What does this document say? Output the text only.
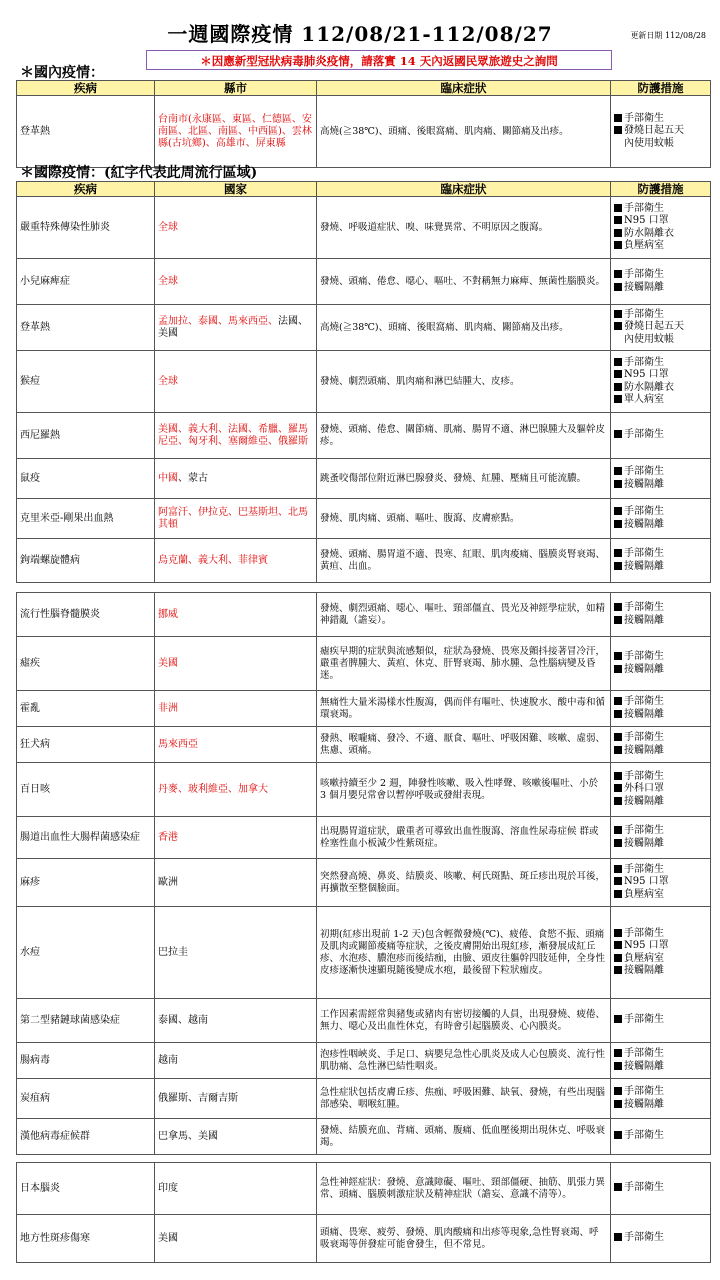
一週國際疫情 112/08/21-112/08/27	更新日期 112/08/28
＊因應新型冠狀病毒肺炎疫情，請落實 14 天內返國民眾旅遊史之詢問
＊國內疫情：
疾病	縣市	臨床症狀	防護措施
登革熱	台南市(永康區、東區、仁德區、安南區、北區、南區、中西區)、雲林縣(古坑鄉)、高雄市、屏東縣	高燒(≧38℃)、頭痛、後眼窩痛、肌肉痛、關節痛及出疹。	手部衛生
發燒日起五天
內使用蚊帳
＊國際疫情：(紅字代表此周流行區域)
疾病	國家	臨床症狀	防護措施
嚴重特殊傳染性肺炎	全球	發燒、呼吸道症狀、嗅、味覺異常、不明原因之腹瀉。	手部衛生
N95 口罩
防水隔離衣
負壓病室

小兒麻痺症	全球	發燒、頭痛、倦怠、噁心、嘔吐、不對稱無力麻痺、無菌性腦膜炎。	手部衛生
接觸隔離

登革熱	孟加拉、泰國、馬來西亞、法國、美國	高燒(≧38℃)、頭痛、後眼窩痛、肌肉痛、關節痛及出疹。	手部衛生
發燒日起五天
內使用蚊帳

猴痘	全球	發燒、劇烈頭痛、肌肉痛和淋巴結腫大、皮疹。	手部衛生
N95 口罩
防水隔離衣
單人病室

西尼羅熱	美國、義大利、法國、希臘、羅馬尼亞、匈牙利、塞爾維亞、俄羅斯	發燒、頭痛、倦怠、關節痛、肌痛、腸胃不適、淋巴腺腫大及軀幹皮疹。	手部衛生

鼠疫	中國、蒙古	跳蚤咬傷部位附近淋巴腺發炎、發燒、紅腫、壓痛且可能流膿。	手部衛生
接觸隔離

克里米亞-剛果出血熱	阿富汗、伊拉克、巴基斯坦、北馬其頓	發燒、肌肉痛、頭痛、嘔吐、腹瀉、皮膚瘀點。	手部衛生
接觸隔離

鉤端螺旋體病	烏克蘭、義大利、菲律賓	發燒、頭痛、腸胃道不適、畏寒、紅眼、肌肉痠痛、腦膜炎腎衰竭、黃疸、出血。	手部衛生
接觸隔離
流行性腦脊髓膜炎	挪威	發燒、劇烈頭痛、噁心、嘔吐、頸部僵直、畏光及神經學症狀，如精神錯亂（譫妄）。	手部衛生
接觸隔離

瘧疾	美國	瘧疾早期的症狀與流感類似，症狀為發燒、畏寒及顫抖接著冒冷汗，嚴重者脾腫大、黃疸、休克、肝腎衰竭、肺水腫、急性腦病變及昏迷。	手部衛生
接觸隔離

霍亂	非洲	無痛性大量米湯樣水性腹瀉，偶而伴有嘔吐、快速脫水、酸中毒和循環衰竭。	手部衛生
接觸隔離

狂犬病	馬來西亞	發熱、喉嚨痛、發冷、不適、厭食、嘔吐、呼吸困難、咳嗽、虛弱、焦慮、頭痛。	手部衛生
接觸隔離

百日咳	丹麥、玻利維亞、加拿大	咳嗽持續至少 2 週，陣發性咳嗽、吸入性哮聲、咳嗽後嘔吐、小於 3 個月嬰兒常會以暫停呼吸或發紺表現。	手部衛生
外科口罩
接觸隔離

腸道出血性大腸桿菌感染症	香港	出現腸胃道症狀，嚴重者可導致出血性腹瀉、溶血性尿毒症候 群或栓塞性血小板減少性紫斑症。	手部衛生
接觸隔離

麻疹	歐洲	突然發高燒、鼻炎、結膜炎、咳嗽、柯氏斑點、斑丘疹出現於耳後，再擴散至整個臉面。	手部衛生
N95 口罩
負壓病室

水痘	巴拉圭	初期(紅疹出現前 1-2 天)包含輕微發燒(℃)、疲倦、食慾不振、頭痛及肌肉或關節痠痛等症狀，之後皮膚開始出現紅疹，漸發展成紅丘疹、水泡疹、膿泡疹而後結痂，由臉、頭皮往軀幹四肢延伸，全身性皮疹逐漸快速顯現隨後變成水疱，最後留下粒狀痂皮。	手部衛生
N95 口罩
負壓病室
接觸隔離

第二型豬鏈球菌感染症	泰國、越南	工作因素需經常與豬隻或豬肉有密切接觸的人員，出現發燒、疲倦、無力、噁心及出血性休克，有時會引起腦膜炎、心內膜炎。	手部衛生

腸病毒	越南	泡疹性咽峽炎、手足口、病嬰兒急性心肌炎及成人心包膜炎、流行性肌肋痛、急性淋巴結性咽炎。	手部衛生
接觸隔離

炭疽病	俄羅斯、吉爾吉斯	急性症狀包括皮膚丘疹、焦痂、呼吸困難、缺氧、發燒，有些出現腦部感染、咽喉紅腫。	手部衛生
接觸隔離

漢他病毒症候群	巴拿馬、美國	發燒、結膜充血、背痛、頭痛、腹痛、低血壓後期出現休克、呼吸衰竭。	手部衛生
日本腦炎	印度	急性神經症狀：發燒、意識障礙、嘔吐、頸部僵硬、抽筋、肌張力異常、頭痛、腦膜刺激症狀及精神症狀（譫妄、意識不清等）。	手部衛生

地方性斑疹傷寒	美國	頭痛、畏寒、疲勞、發燒、肌肉酸痛和出疹等現象,急性腎衰竭、呼吸衰竭等併發症可能會發生，但不常見。	手部衛生
